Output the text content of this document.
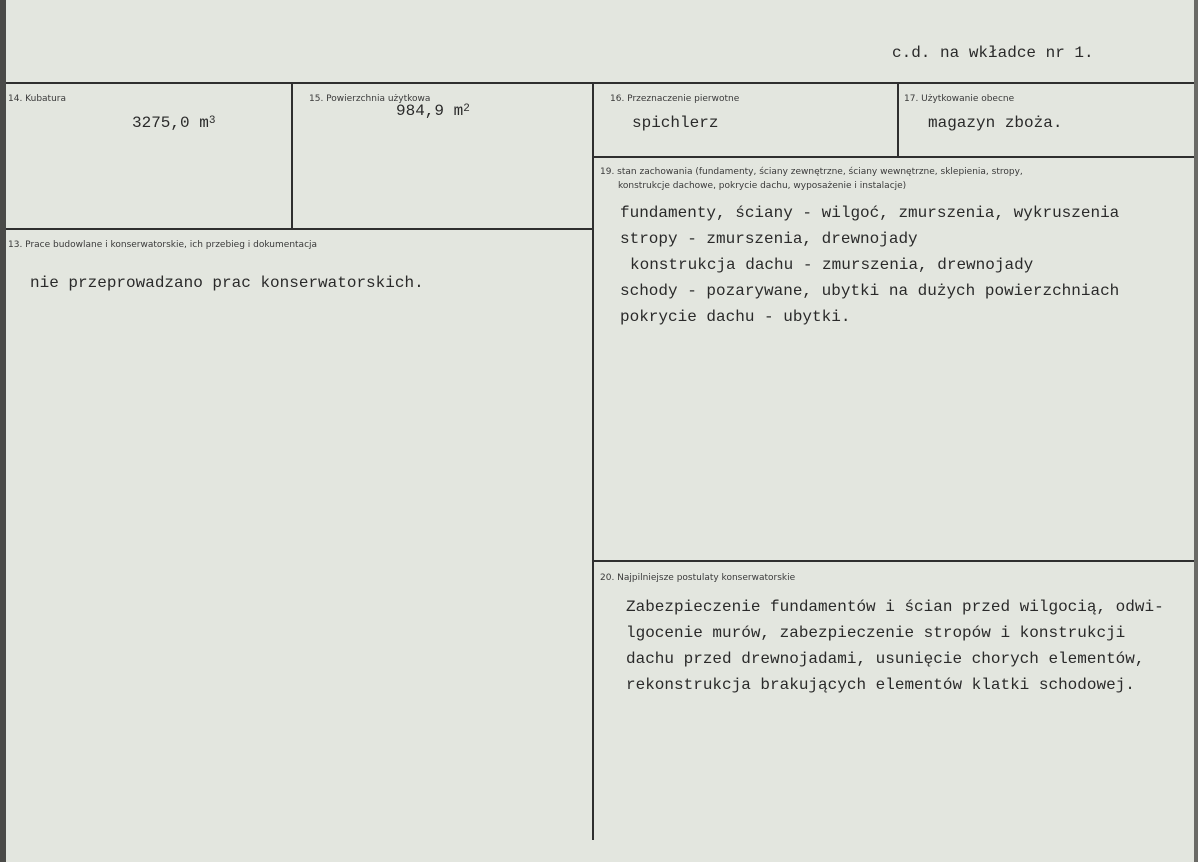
c.d. na wkładce nr 1.
14. Kubatura
3275,0 $m^3$
15. Powierzchnia użytkowa
984,9 $m^2$
16. Przeznaczenie pierwotne
spichlerz
17. Użytkowanie obecne
magazyn zboża.
19. stan zachowania (fundamenty, ściany zewnętrzne, ściany wewnętrzne, sklepienia, stropy,
konstrukcje dachowe, pokrycie dachu, wyposażenie i instalacje)
fundamenty, ściany - wilgoć, zmurszenia, wykruszenia
stropy - zmurszenia, drewnojady
konstrukcja dachu - zmurszenia, drewnojady
schody - pozarywane, ubytki na dużych powierzchniach
pokrycie dachu - ubytki.
13. Prace budowlane i konserwatorskie, ich przebieg i dokumentacja
nie przeprowadzano prac konserwatorskich.
20. Najpilniejsze postulaty konserwatorskie
Zabezpieczenie fundamentów i ścian przed wilgocią, odwi-
lgocenie murów, zabezpieczenie stropów i konstrukcji
dachu przed drewnojadami, usunięcie chorych elementów,
rekonstrukcja brakujących elementów klatki schodowej.
